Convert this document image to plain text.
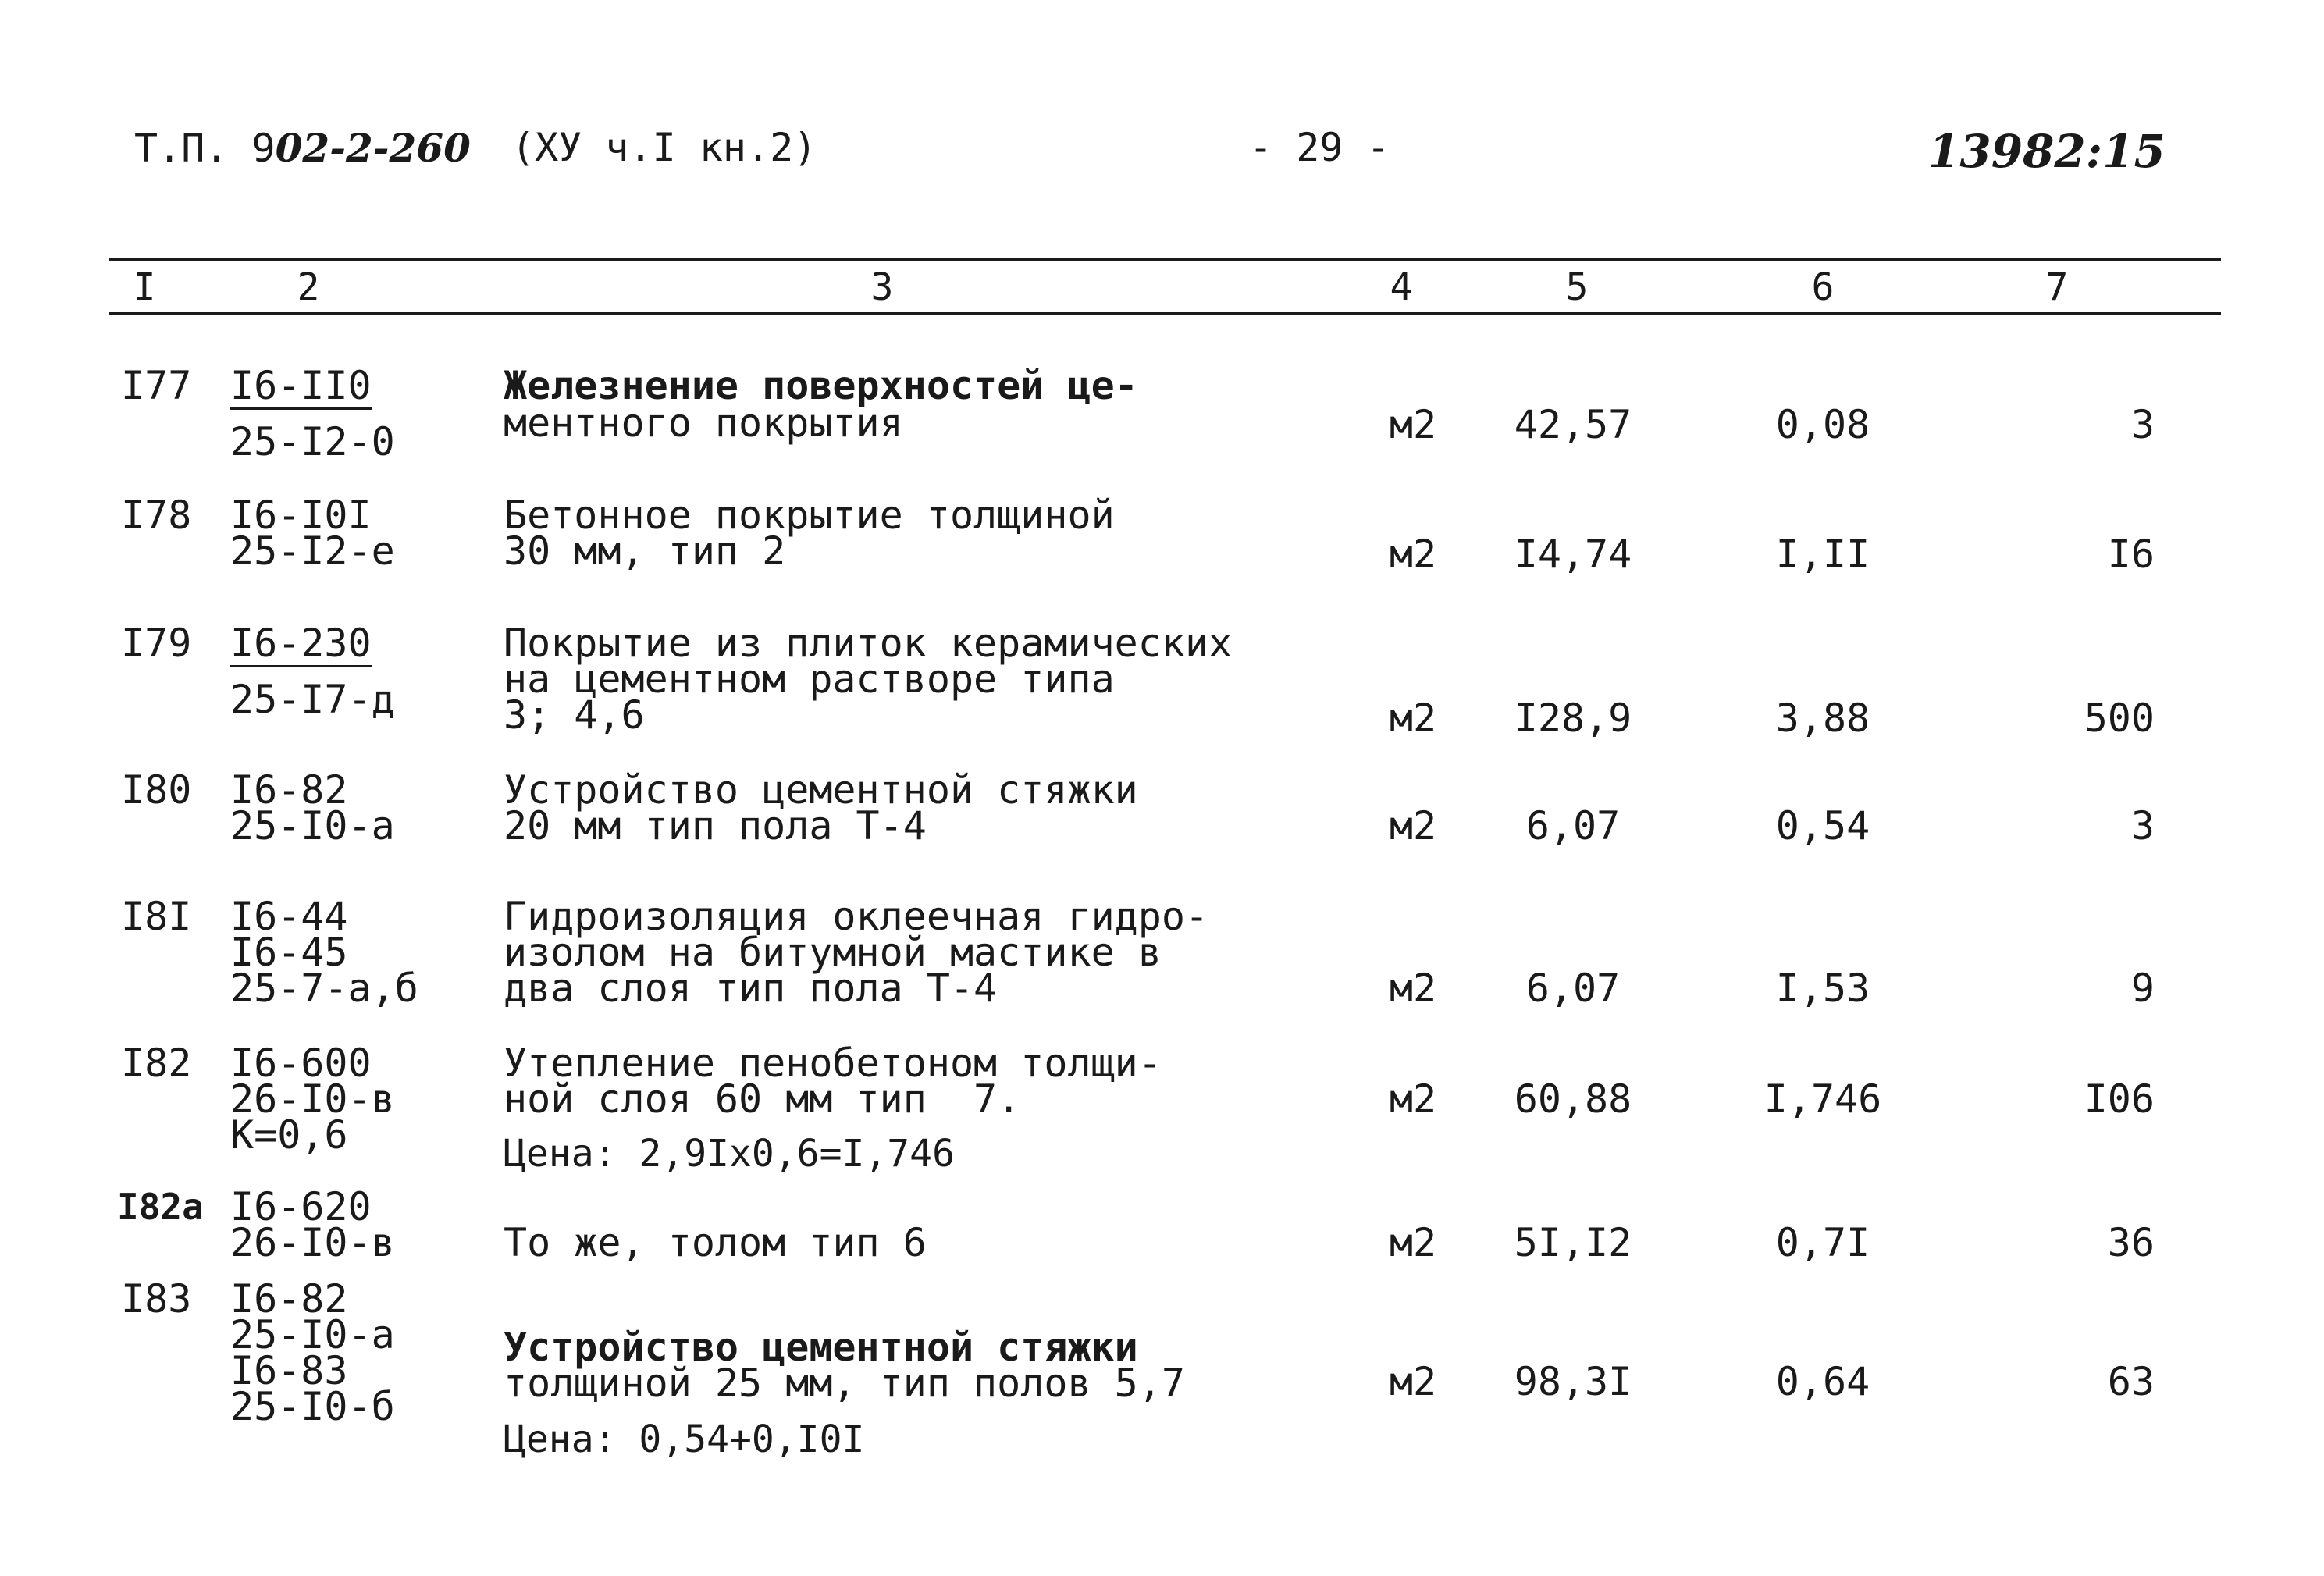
Т.П. 902-2-260 (ХУ ч.I кн.2)	- 29 -	13982:15
I	2	3	4	5	6	7
I77 I6-II0
25-I2-0
Железнение поверхностей це-
ментного покрытия	м2	42,57	0,08	3
I78 I6-I0I
25-I2-е
Бетонное покрытие толщиной
30 мм, тип 2	м2	I4,74	I,II	I6
I79 I6-230
25-I7-д
Покрытие из плиток керамических
на цементном растворе типа
3; 4,6	м2	I28,9	3,88	500
I80 I6-82
25-I0-а
Устройство цементной стяжки
20 мм тип пола Т-4	м2	6,07	0,54	3
I8I I6-44
I6-45
25-7-а,б
Гидроизоляция оклеечная гидро-
изолом на битумной мастике в
два слоя тип пола Т-4	м2	6,07	I,53	9
I82 I6-600
26-I0-в
К=0,6
Утепление пенобетоном толщи-
ной слоя 60 мм тип  7.
Цена: 2,9Iх0,6=I,746
м2	60,88	I,746	I06
I82а I6-620
26-I0-в	То же, толом тип 6	м2	5I,I2	0,7I	36
I83 I6-82
25-I0-а
I6-83
25-I0-б
Устройство цементной стяжки
толщиной 25 мм, тип полов 5,7
Цена: 0,54+0,I0I
м2	98,3I	0,64	63
